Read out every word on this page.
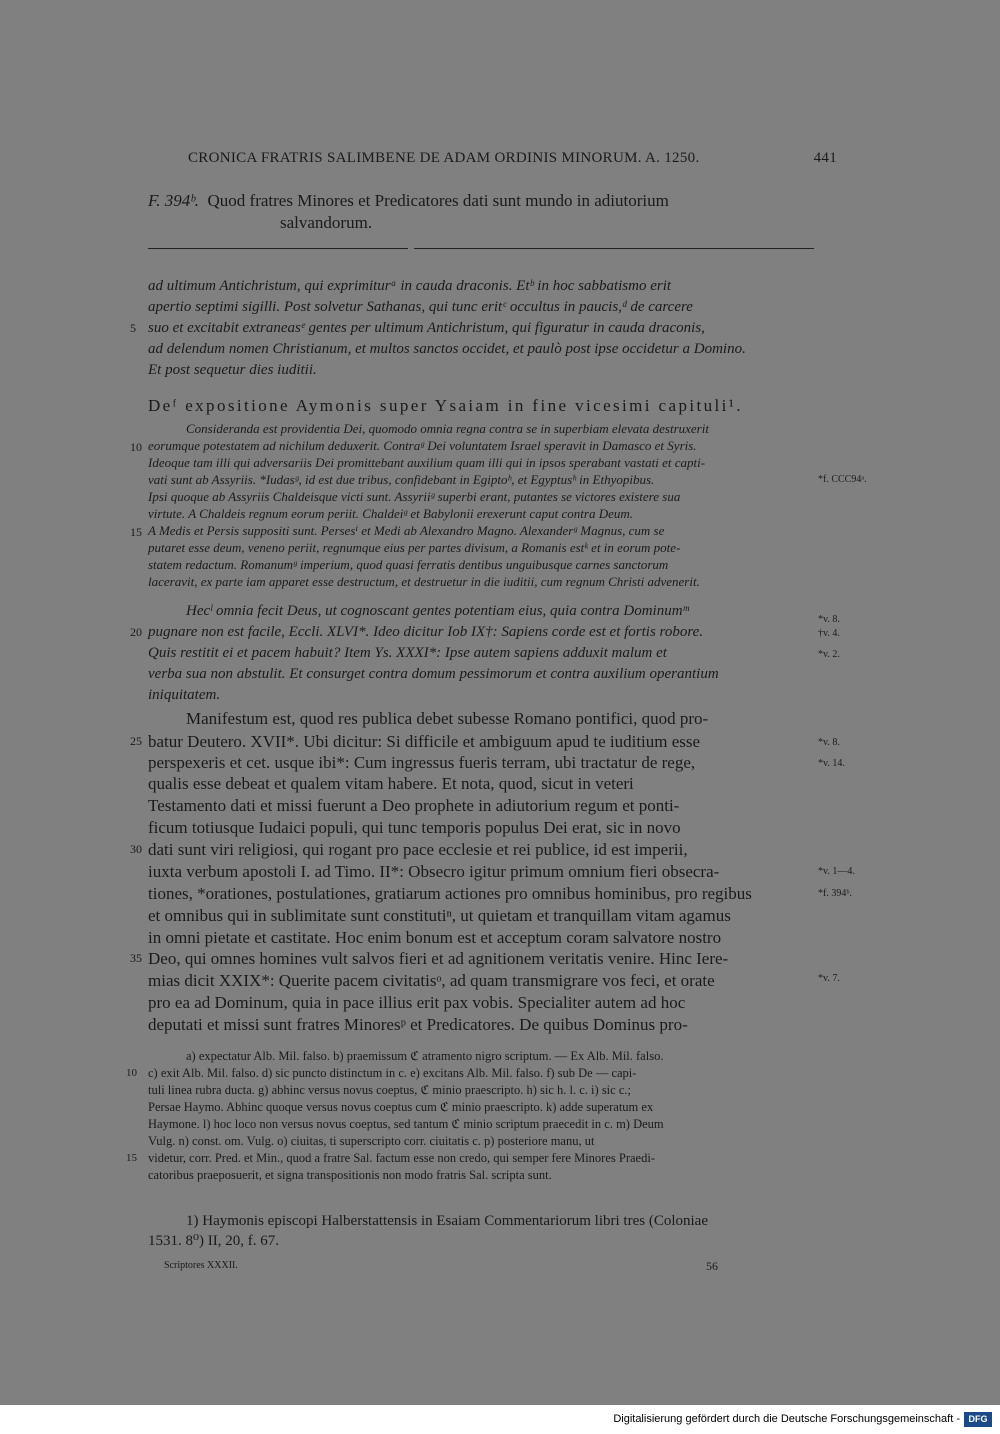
CRONICA FRATRIS SALIMBENE DE ADAM ORDINIS MINORUM. A. 1250.	441
F. 394ᵇ. Quod fratres Minores et Predicatores dati sunt mundo in adiutorium
salvandorum.
ad ultimum Antichristum, qui exprimiturᵃ in cauda draconis. Etᵇ in hoc sabbatismo erit
apertio septimi sigilli. Post solvetur Sathanas, qui tunc eritᶜ occultus in paucis,ᵈ de carcere
5 suo et excitabit extraneasᵉ gentes per ultimum Antichristum, qui figuratur in cauda draconis,
ad delendum nomen Christianum, et multos sanctos occidet, et paulò post ipse occidetur a Domino.
Et post sequetur dies iuditii.
Deᶠ expositione Aymonis super Ysaiam in fine vicesimi capituli¹.
Consideranda est providentia Dei, quomodo omnia regna contra se in superbiam elevata destruxerit
10 eorumque potestatem ad nichilum deduxerit. Contraᵍ Dei voluntatem Israel speravit in Damasco et Syris.
Ideoque tam illi qui adversariis Dei promittebant auxilium quam illi qui in ipsos sperabant vastati et capti-
vati sunt ab Assyriis. *Iudasᵍ, id est due tribus, confidebant in Egiptoʰ, et Egyptusʰ in Ethyopibus.	*f. CCC94ᵃ.
Ipsi quoque ab Assyriis Chaldeisque victi sunt. Assyriiᵍ superbi erant, putantes se victores existere sua
virtute. A Chaldeis regnum eorum periit. Chaldeiᵍ et Babylonii erexerunt caput contra Deum.
15 A Medis et Persis suppositi sunt. Persesⁱ et Medi ab Alexandro Magno. Alexanderᵍ Magnus, cum se
putaret esse deum, veneno periit, regnumque eius per partes divisum, a Romanis estᵏ et in eorum pote-
statem redactum. Romanumᵍ imperium, quod quasi ferratis dentibus unguibusque carnes sanctorum
laceravit, ex parte iam apparet esse destructum, et destruetur in die iuditii, cum regnum Christi advenerit.
Hecˡ omnia fecit Deus, ut cognoscant gentes potentiam eius, quia contra Dominumᵐ
*v. 8.
20 pugnare non est facile, Eccli. XLVI*. Ideo dicitur Iob IX†: Sapiens corde est et fortis robore.	†v. 4.
Quis restitit ei et pacem habuit? Item Ys. XXXI*: Ipse autem sapiens adduxit malum et	*v. 2.
verba sua non abstulit. Et consurget contra domum pessimorum et contra auxilium operantium
iniquitatem.
Manifestum est, quod res publica debet subesse Romano pontifici, quod pro-
25 batur Deutero. XVII*. Ubi dicitur: Si difficile et ambiguum apud te iuditium esse	*v. 8.
perspexeris et cet. usque ibi*: Cum ingressus fueris terram, ubi tractatur de rege,	*v. 14.
qualis esse debeat et qualem vitam habere. Et nota, quod, sicut in veteri
Testamento dati et missi fuerunt a Deo prophete in adiutorium regum et ponti-
ficum totiusque Iudaici populi, qui tunc temporis populus Dei erat, sic in novo
30 dati sunt viri religiosi, qui rogant pro pace ecclesie et rei publice, id est imperii,
iuxta verbum apostoli I. ad Timo. II*: Obsecro igitur primum omnium fieri obsecra-	*v. 1—4.
tiones, *orationes, postulationes, gratiarum actiones pro omnibus hominibus, pro regibus	*f. 394ᵇ.
et omnibus qui in sublimitate sunt constitutiⁿ, ut quietam et tranquillam vitam agamus
in omni pietate et castitate. Hoc enim bonum est et acceptum coram salvatore nostro
35 Deo, qui omnes homines vult salvos fieri et ad agnitionem veritatis venire. Hinc Iere-
mias dicit XXIX*: Querite pacem civitatisᵒ, ad quam transmigrare vos feci, et orate	*v. 7.
pro ea ad Dominum, quia in pace illius erit pax vobis. Specialiter autem ad hoc
deputati et missi sunt fratres Minoresᵖ et Predicatores. De quibus Dominus pro-
a) expectatur Alb. Mil. falso. b) praemissum ℭ atramento nigro scriptum. — Ex Alb. Mil. falso.
10 c) exit Alb. Mil. falso. d) sic puncto distinctum in c. e) excitans Alb. Mil. falso. f) sub De — capi-
tuli linea rubra ducta. g) abhinc versus novus coeptus, ℭ minio praescripto. h) sic h. l. c. i) sic c.;
Persae Haymo. Abhinc quoque versus novus coeptus cum ℭ minio praescripto. k) adde superatum ex
Haymone. l) hoc loco non versus novus coeptus, sed tantum ℭ minio scriptum praecedit in c. m) Deum
Vulg. n) const. om. Vulg. o) ciuitas, ti superscripto corr. ciuitatis c. p) posteriore manu, ut
15 videtur, corr. Pred. et Min., quod a fratre Sal. factum esse non credo, qui semper fere Minores Praedi-
catoribus praeposuerit, et signa transpositionis non modo fratris Sal. scripta sunt.
1) Haymonis episcopi Halberstattensis in Esaiam Commentariorum libri tres (Coloniae
1531. 8⁰) II, 20, f. 67.
Scriptores XXXII.	56
Digitalisierung gefördert durch die Deutsche Forschungsgemeinschaft - DFG
